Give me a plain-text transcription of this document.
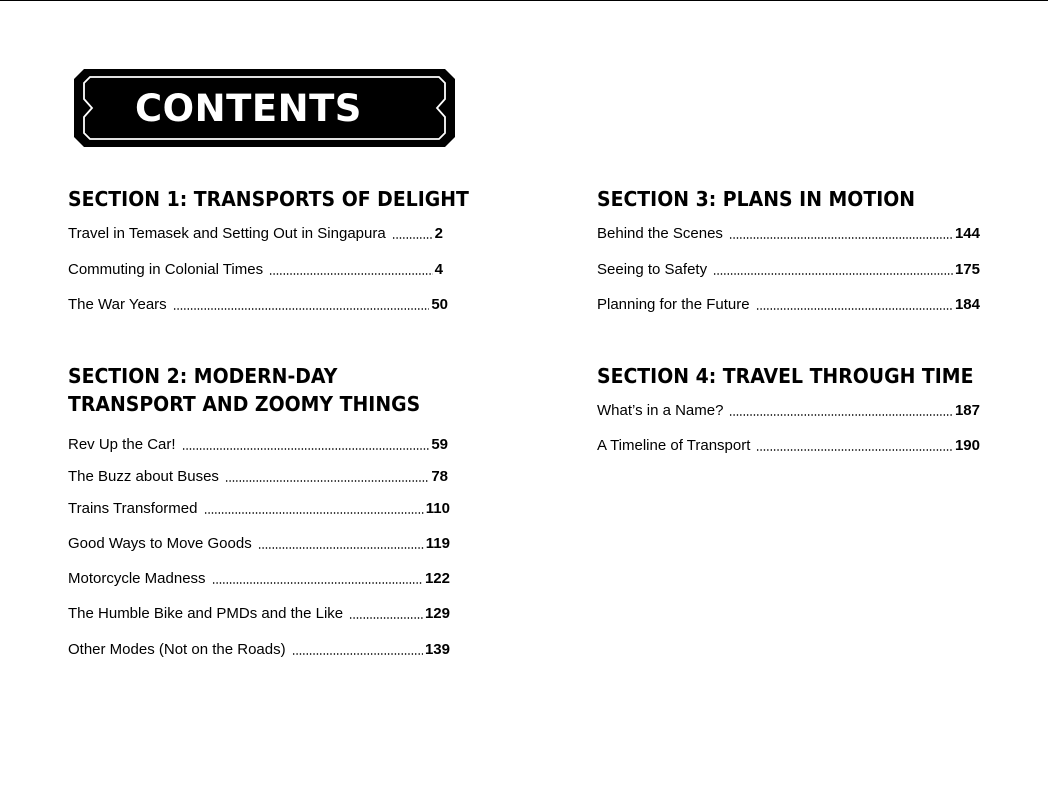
CONTENTS
SECTION 1: TRANSPORTS OF DELIGHT
Travel in Temasek and Setting Out in Singapura	2
Commuting in Colonial Times	4
The War Years	50
SECTION 2: MODERN-DAY
TRANSPORT AND ZOOMY THINGS
Rev Up the Car!	59
The Buzz about Buses	78
Trains Transformed	110
Good Ways to Move Goods	119
Motorcycle Madness	122
The Humble Bike and PMDs and the Like	129
Other Modes (Not on the Roads)	139
SECTION 3: PLANS IN MOTION
Behind the Scenes	144
Seeing to Safety	175
Planning for the Future	184
SECTION 4: TRAVEL THROUGH TIME
What’s in a Name?	187
A Timeline of Transport	190
